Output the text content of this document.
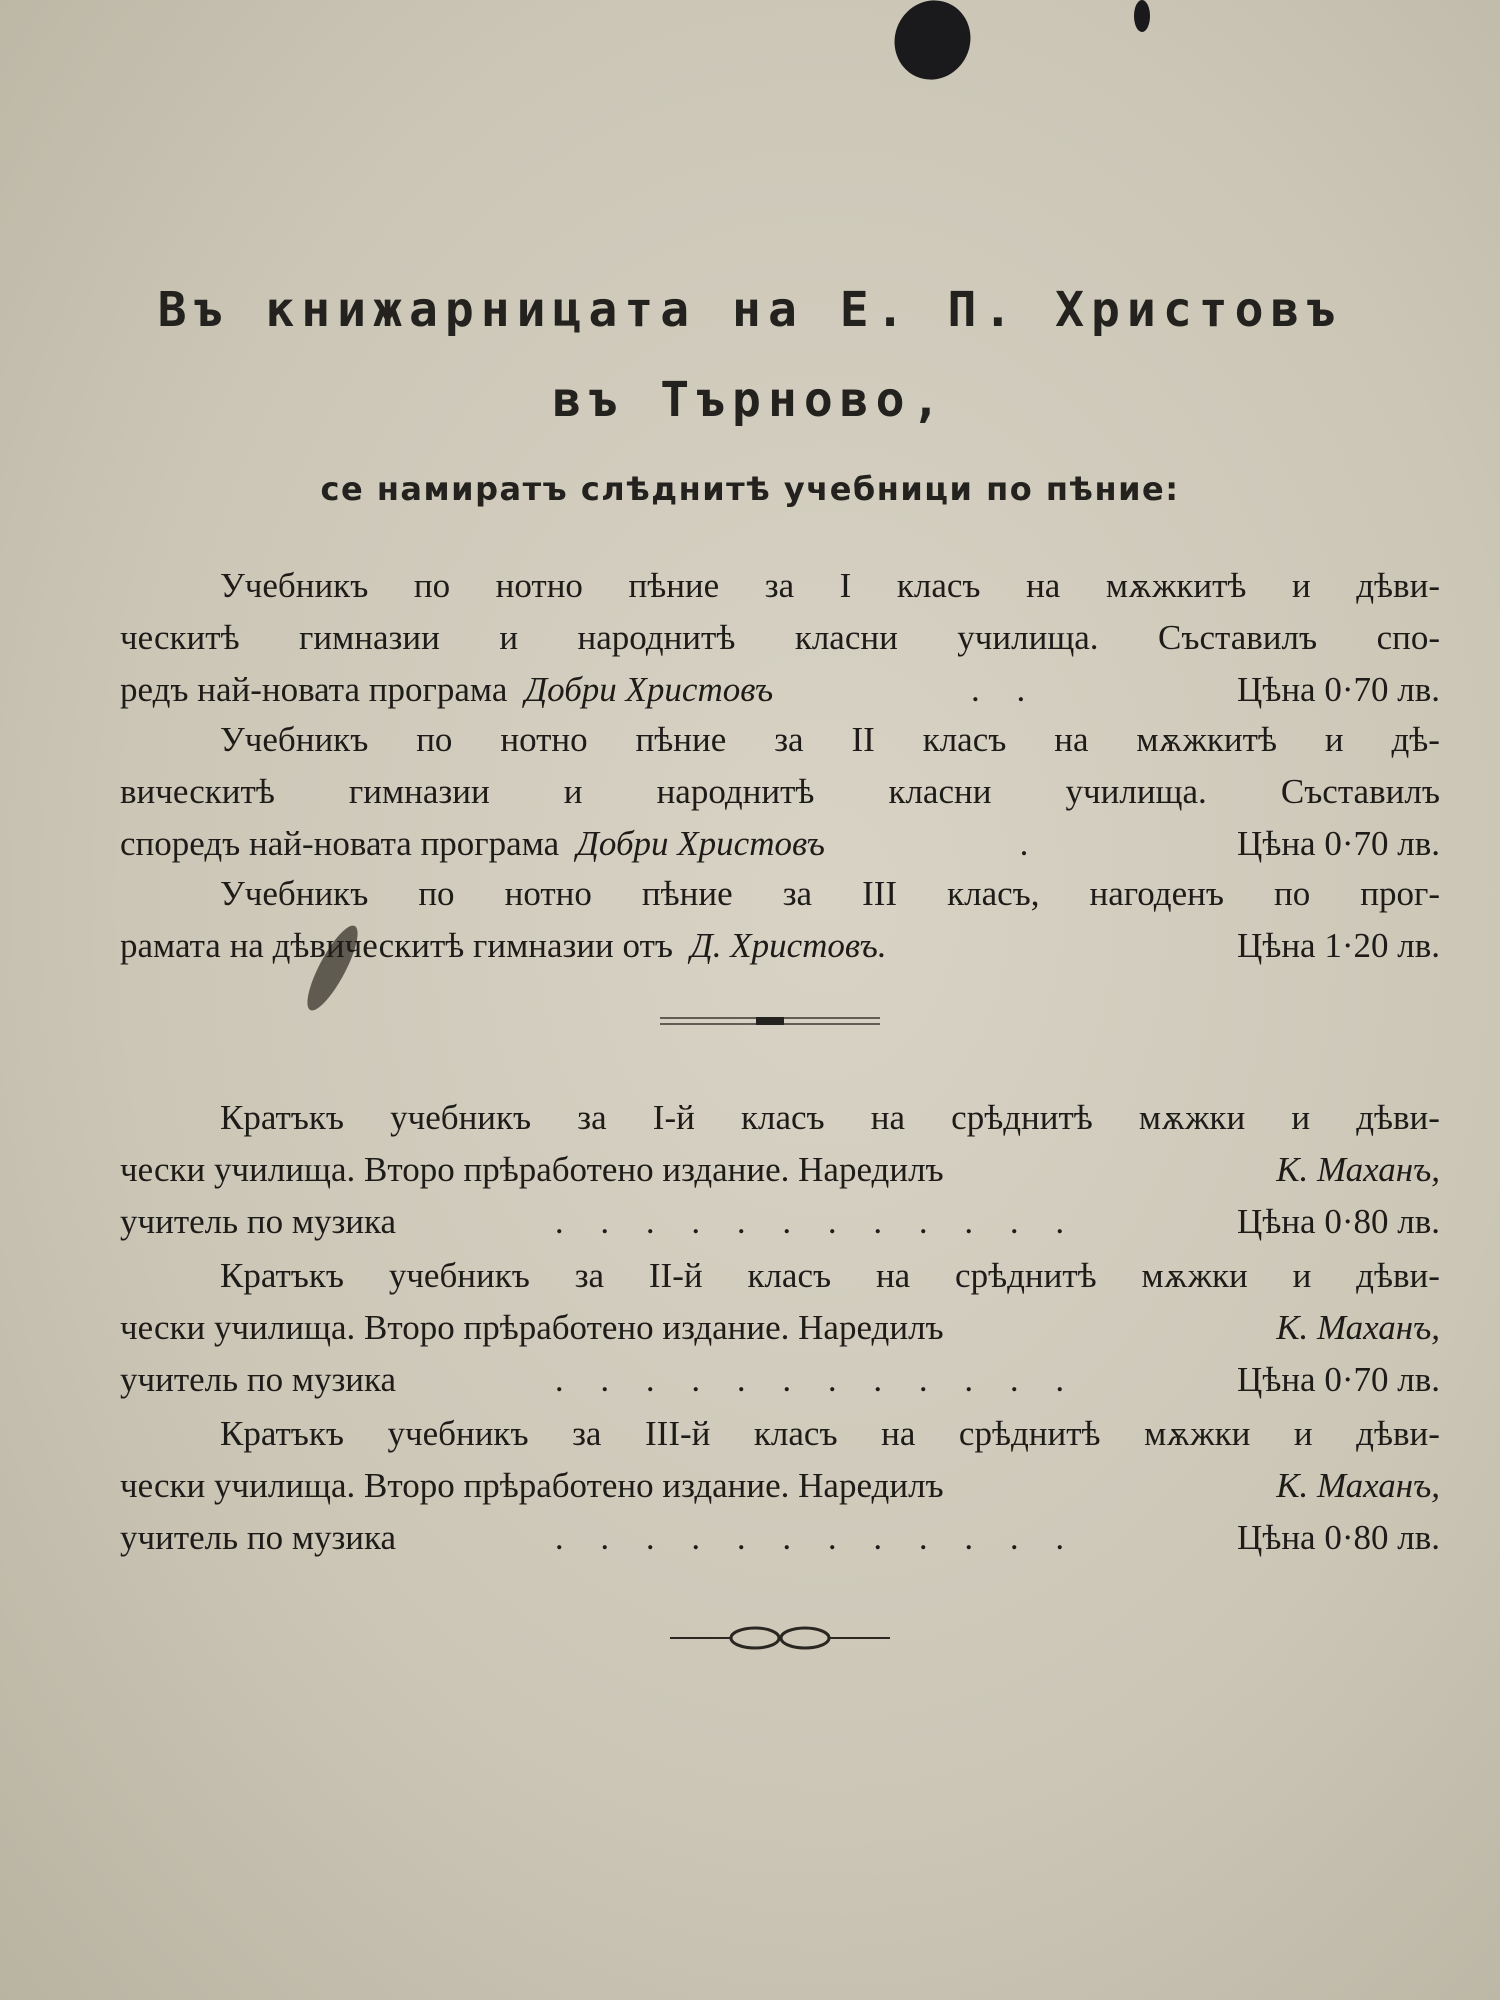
Въ книжарницата на Е. П. Христовъ
въ Търново,
се намиратъ слѣднитѣ учебници по пѣние:
Учебникъ по нотно пѣние за I класъ на мѫжкитѣ и дѣви-
ческитѣ гимназии и народнитѣ класни училища. Съставилъ спо-
редъ най-новата програма
Добри Христовъ	. .	Цѣна 0·70 лв.
Учебникъ по нотно пѣние за II класъ на мѫжкитѣ и дѣ-
вическитѣ гимназии и народнитѣ класни училища. Съставилъ
споредъ най-новата програма
Добри Христовъ	.	Цѣна 0·70 лв.
Учебникъ по нотно пѣние за III класъ, нагоденъ по прог-
рамата на дѣвическитѣ гимназии отъ
Д. Христовъ.	Цѣна 1·20 лв.
Кратъкъ учебникъ за I-й класъ на срѣднитѣ мѫжки и дѣви-
чески училища. Второ прѣработено издание. Наредилъ	К. Маханъ,
учитель по музика	. . . . . . . . . . . .	Цѣна 0·80 лв.
Кратъкъ учебникъ за II-й класъ на срѣднитѣ мѫжки и дѣви-
чески училища. Второ прѣработено издание. Наредилъ	К. Маханъ,
учитель по музика	. . . . . . . . . . . .	Цѣна 0·70 лв.
Кратъкъ учебникъ за III-й класъ на срѣднитѣ мѫжки и дѣви-
чески училища. Второ прѣработено издание. Наредилъ	К. Маханъ,
учитель по музика	. . . . . . . . . . . .	Цѣна 0·80 лв.
